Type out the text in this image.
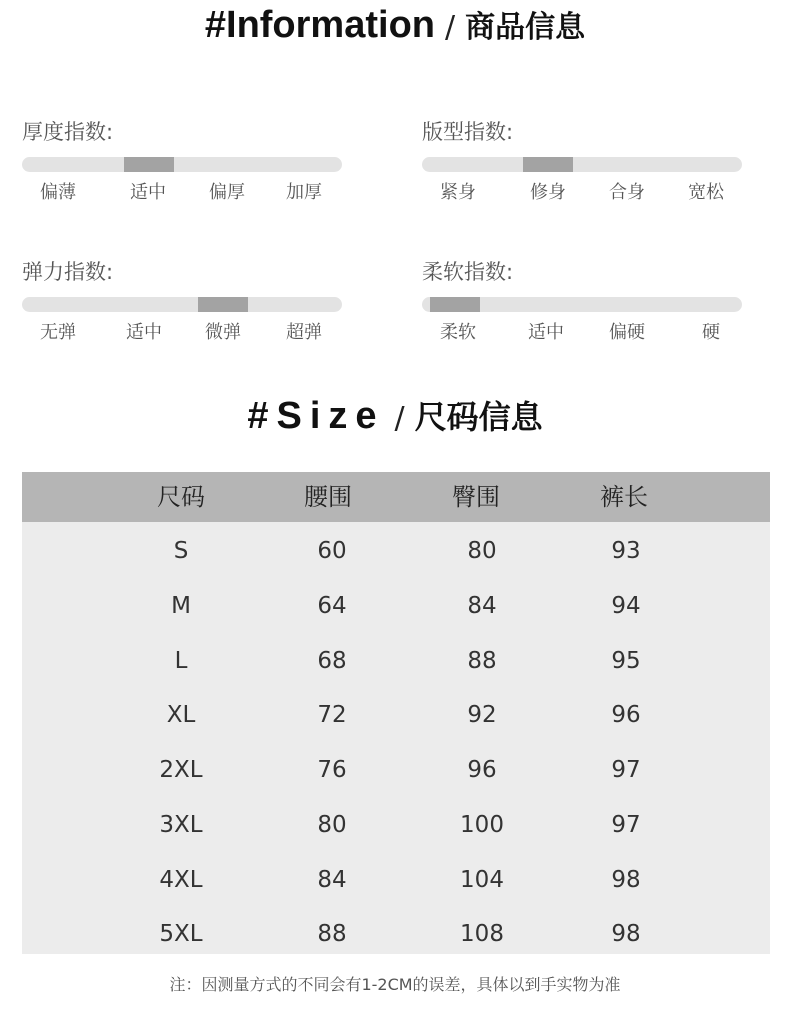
#Information / 商品信息
厚度指数:
偏薄	适中 偏厚 加厚
版型指数:
紧身	修身 合身 宽松
弹力指数:
无弹	适中 微弹	超弹
柔软指数:
柔软	适中	偏硬	硬
#Size / 尺码信息
尺码	腰围	臀围	裤长
S	60	80	93
M	64	84	94
L	68	88	95
XL	72	92	96
2XL	76	96	97
3XL	80	100	97
4XL	84	104	98
5XL	88	108	98
注：因测量方式的不同会有1-2CM的误差，具体以到手实物为准
